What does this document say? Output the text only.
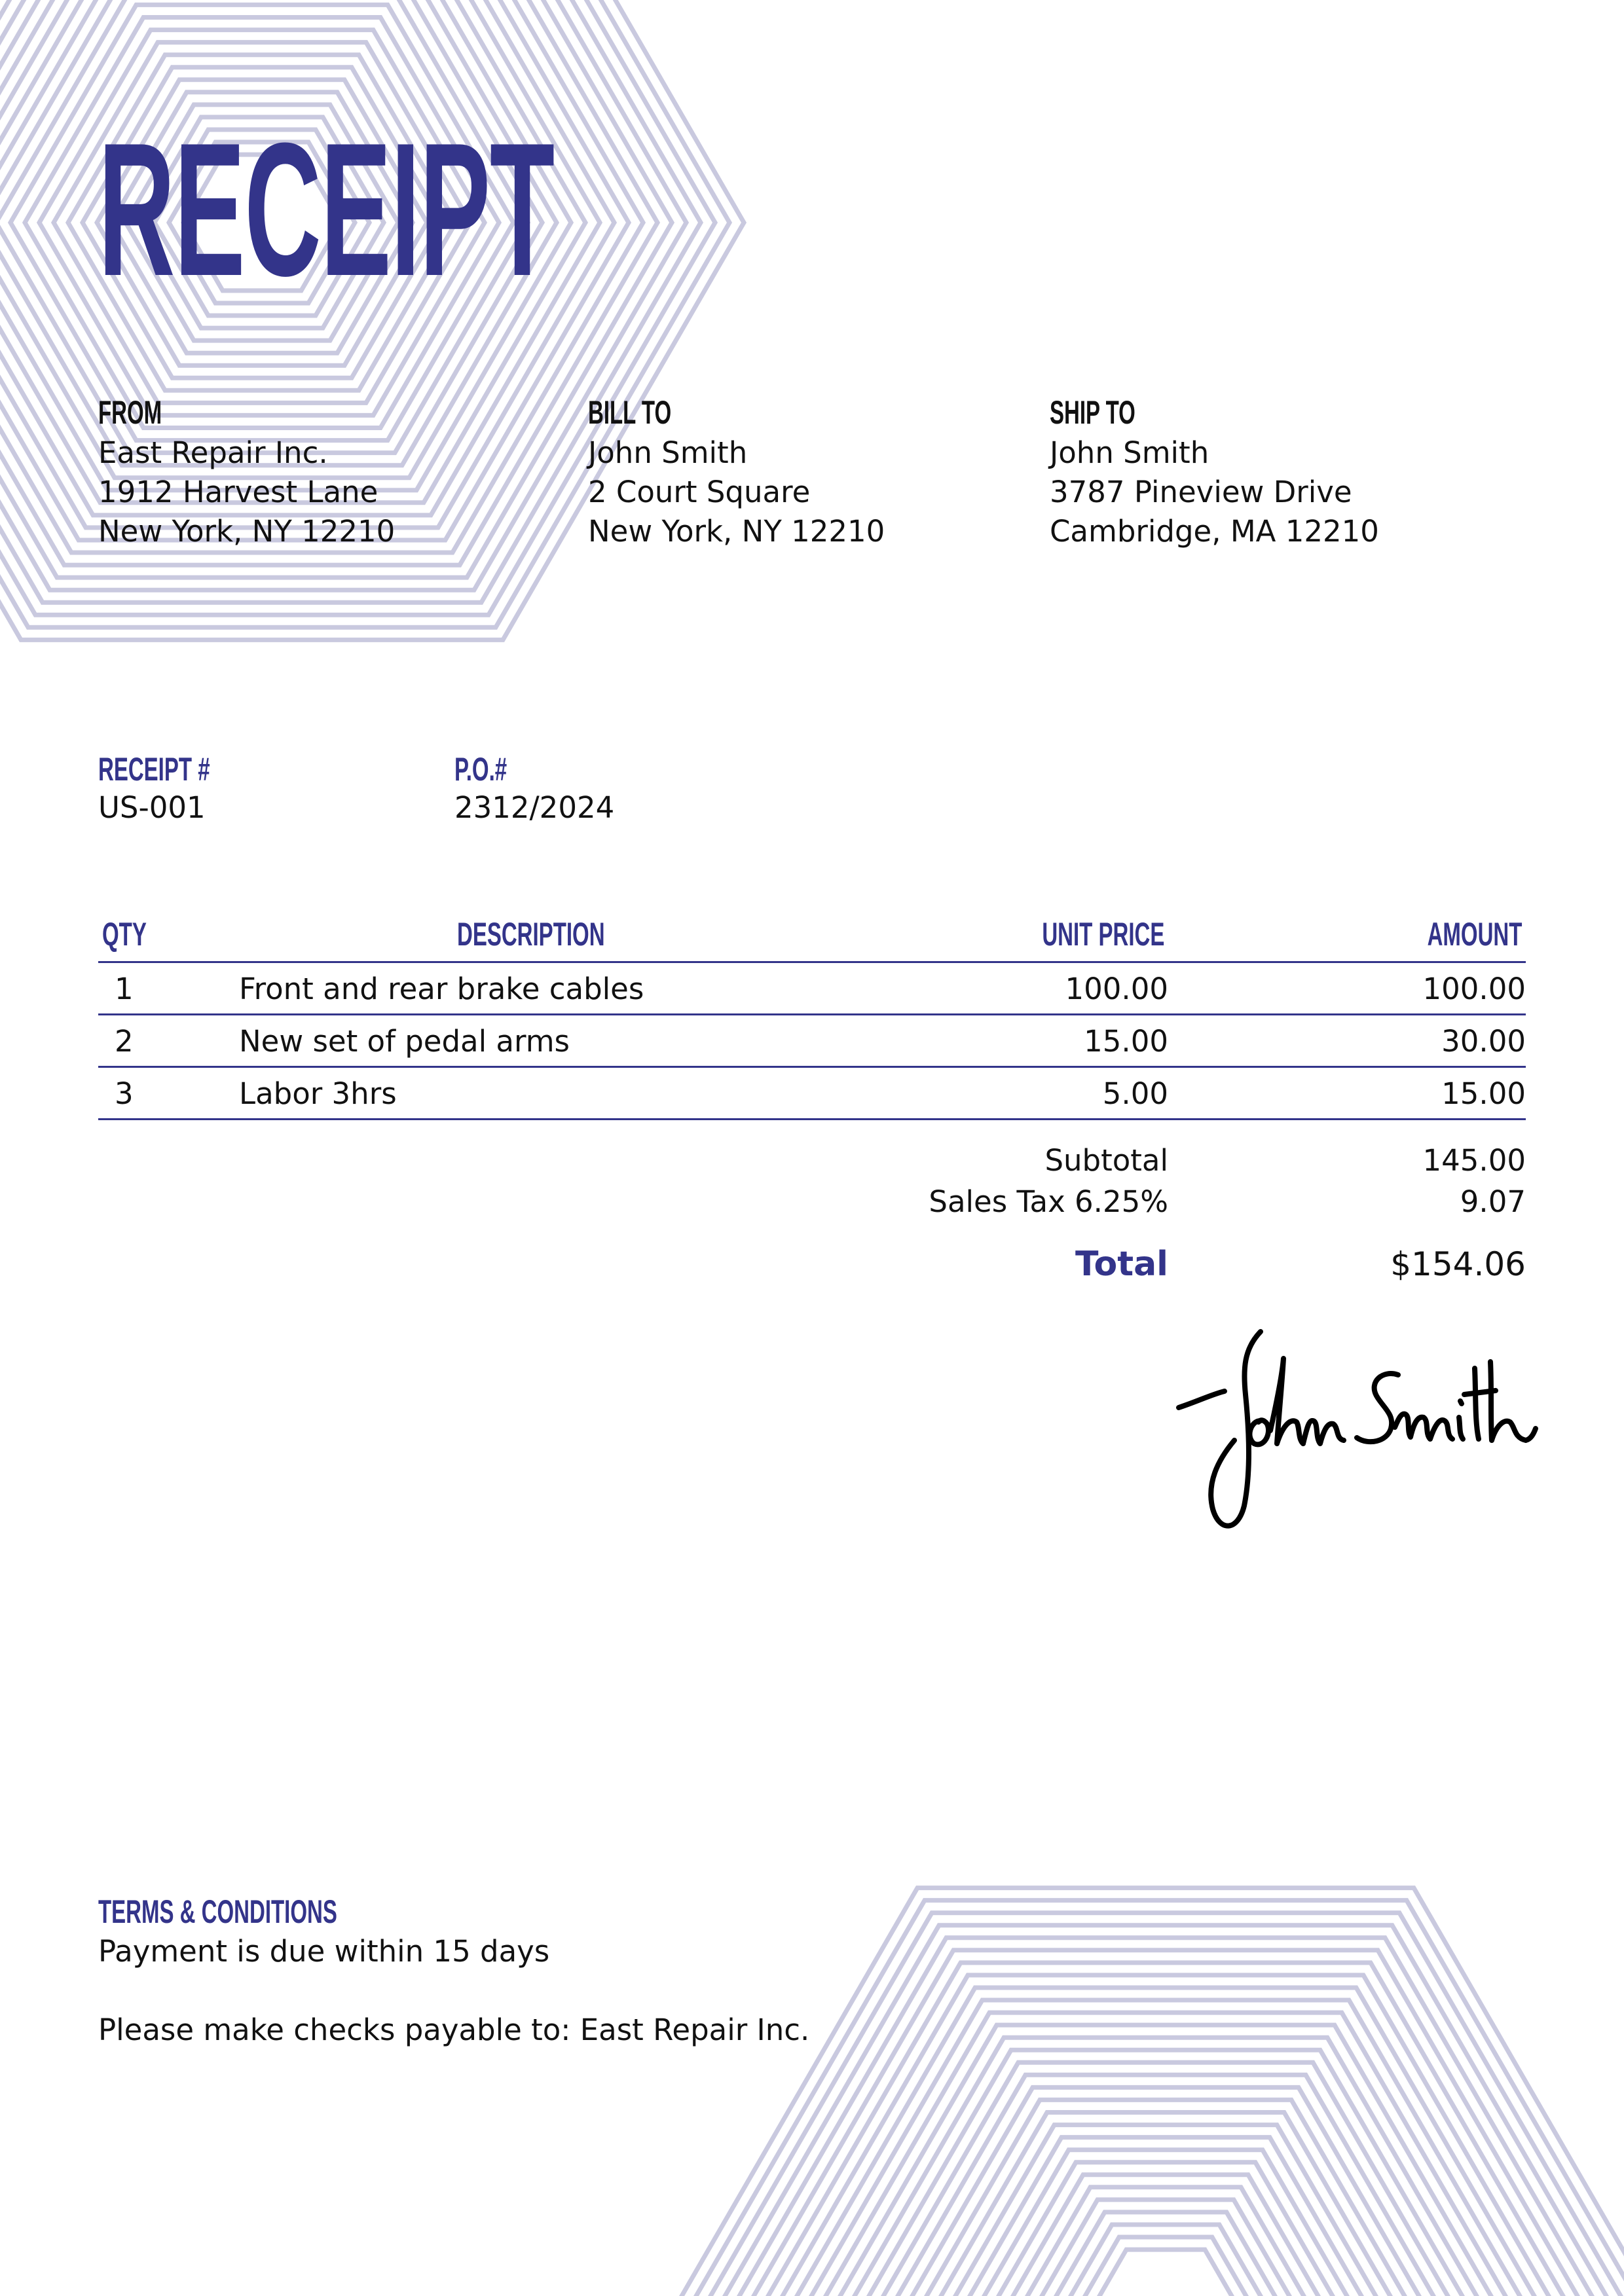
RECEIPT
FROM
East Repair Inc.
1912 Harvest Lane
New York, NY 12210
BILL TO
John Smith
2 Court Square
New York, NY 12210
SHIP TO
John Smith
3787 Pineview Drive
Cambridge, MA 12210
RECEIPT #
US-001
P.O.#
2312/2024
QTY	DESCRIPTION	UNIT PRICE	AMOUNT
1	Front and rear brake cables	100.00	100.00
2	New set of pedal arms	15.00	30.00
3	Labor 3hrs	5.00	15.00
Subtotal	145.00
Sales Tax 6.25%	9.07
Total	$154.06
TERMS & CONDITIONS
Payment is due within 15 days
Please make checks payable to: East Repair Inc.
